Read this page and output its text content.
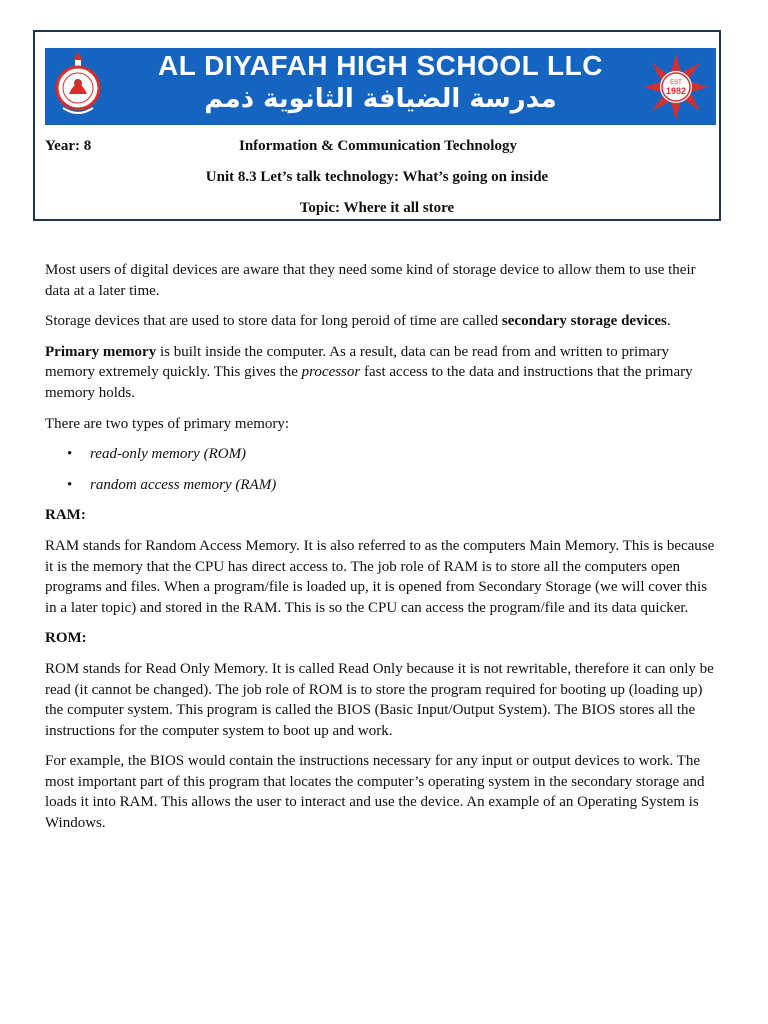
AL DIYAFAH HIGH SCHOOL LLC
مدرسة الضيافة الثانوية ذمم
EST
1982
Year: 8	Information & Communication Technology
Unit 8.3 Let’s talk technology: What’s going on inside
Topic: Where it all store

Most users of digital devices are aware that they need some kind of storage device to allow them to use their data at a later time.

Storage devices that are used to store data for long peroid of time are called secondary storage devices.

Primary memory is built inside the computer. As a result, data can be read from and written to primary memory extremely quickly. This gives the processor fast access to the data and instructions that the primary memory holds.

There are two types of primary memory:

• read-only memory (ROM)
• random access memory (RAM)

RAM:

RAM stands for Random Access Memory. It is also referred to as the computers Main Memory. This is because it is the memory that the CPU has direct access to. The job role of RAM is to store all the computers open programs and files. When a program/file is loaded up, it is opened from Secondary Storage (we will cover this in a later topic) and stored in the RAM. This is so the CPU can access the program/file and its data quicker.

ROM:

ROM stands for Read Only Memory. It is called Read Only because it is not rewritable, therefore it can only be read (it cannot be changed). The job role of ROM is to store the program required for booting up (loading up) the computer system. This program is called the BIOS (Basic Input/Output System). The BIOS stores all the instructions for the computer system to boot up and work.

For example, the BIOS would contain the instructions necessary for any input or output devices to work. The most important part of this program that locates the computer’s operating system in the secondary storage and loads it into RAM. This allows the user to interact and use the device. An example of an Operating System is Windows.
